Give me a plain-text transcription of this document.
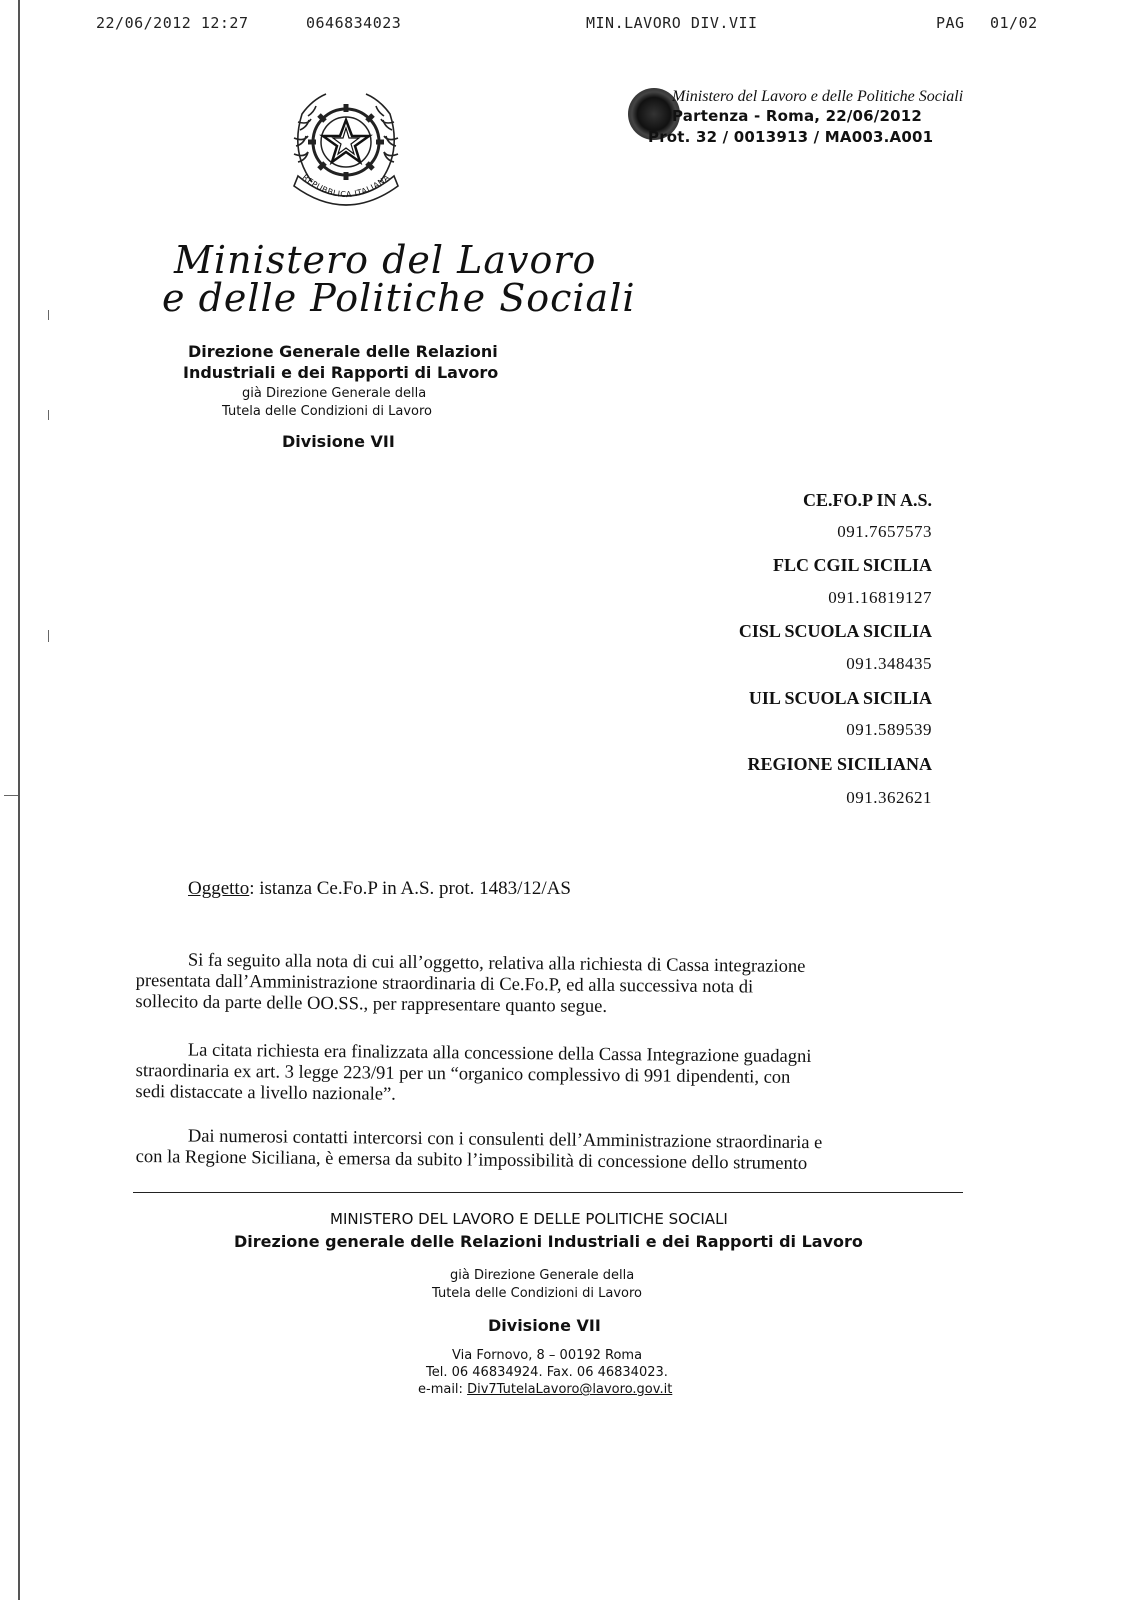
22/06/2012 12:27	0646834023	MIN.LAVORO DIV.VII	PAG 01/02
Ministero del Lavoro e delle Politiche Sociali
Partenza - Roma, 22/06/2012
Prot. 32 / 0013913 / MA003.A001
REPUBBLICA ITALIANA
Ministero del Lavoro
e delle Politiche Sociali
Direzione Generale delle Relazioni
Industriali e dei Rapporti di Lavoro
già Direzione Generale della
Tutela delle Condizioni di Lavoro
Divisione VII
CE.FO.P IN A.S.
091.7657573
FLC CGIL SICILIA
091.16819127
CISL SCUOLA SICILIA
091.348435
UIL SCUOLA SICILIA
091.589539
REGIONE SICILIANA
091.362621
Oggetto: istanza Ce.Fo.P in A.S. prot. 1483/12/AS
Si fa seguito alla nota di cui all’oggetto, relativa alla richiesta di Cassa integrazione
presentata dall’Amministrazione straordinaria di Ce.Fo.P, ed alla successiva nota di
sollecito da parte delle OO.SS., per rappresentare quanto segue.
La citata richiesta era finalizzata alla concessione della Cassa Integrazione guadagni
straordinaria ex art. 3 legge 223/91 per un “organico complessivo di 991 dipendenti, con
sedi distaccate a livello nazionale”.
Dai numerosi contatti intercorsi con i consulenti dell’Amministrazione straordinaria e
con la Regione Siciliana, è emersa da subito l’impossibilità di concessione dello strumento
MINISTERO DEL LAVORO E DELLE POLITICHE SOCIALI
Direzione generale delle Relazioni Industriali e dei Rapporti di Lavoro
già Direzione Generale della
Tutela delle Condizioni di Lavoro
Divisione VII
Via Fornovo, 8 – 00192 Roma
Tel. 06 46834924. Fax. 06 46834023.
e-mail: Div7TutelaLavoro@lavoro.gov.it
